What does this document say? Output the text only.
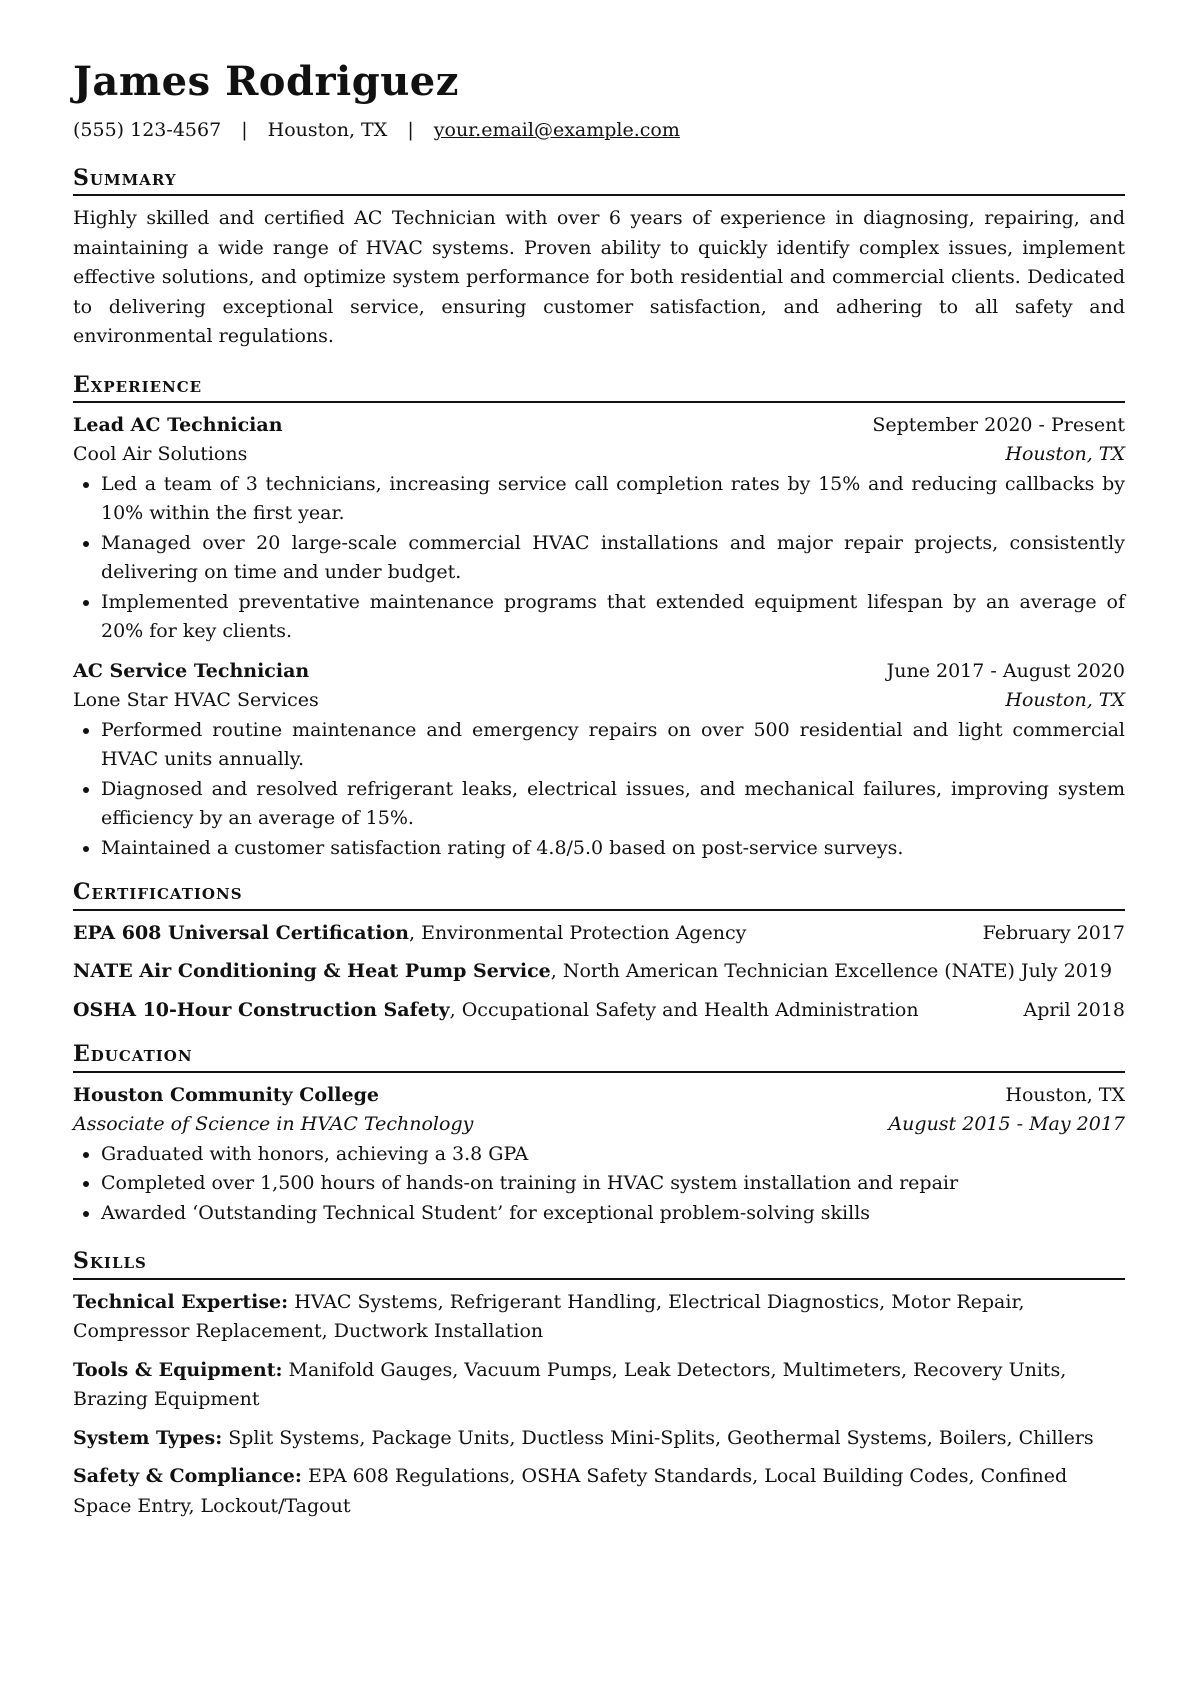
James Rodriguez
(555) 123-4567 | Houston, TX | your.email@example.com
Summary

Highly skilled and certified AC Technician with over 6 years of experience in diagnosing, repairing, and maintaining a wide range of HVAC systems. Proven ability to quickly identify complex issues, implement effective solutions, and optimize system performance for both residential and commercial clients. Dedicated to delivering exceptional service, ensuring customer satisfaction, and adhering to all safety and environmental regulations.

Experience
Lead AC Technician	September 2020 - Present
Cool Air Solutions	Houston, TX
• Led a team of 3 technicians, increasing service call completion rates by 15% and reducing callbacks by 10% within the first year.
• Managed over 20 large-scale commercial HVAC installations and major repair projects, consistently delivering on time and under budget.
• Implemented preventative maintenance programs that extended equipment lifespan by an average of 20% for key clients.
AC Service Technician	June 2017 - August 2020
Lone Star HVAC Services	Houston, TX
• Performed routine maintenance and emergency repairs on over 500 residential and light commercial HVAC units annually.
• Diagnosed and resolved refrigerant leaks, electrical issues, and mechanical failures, improving system efficiency by an average of 15%.
• Maintained a customer satisfaction rating of 4.8/5.0 based on post-service surveys.
Certifications
EPA 608 Universal Certification, Environmental Protection Agency	February 2017
NATE Air Conditioning & Heat Pump Service, North American Technician Excellence (NATE) July 2019
OSHA 10-Hour Construction Safety, Occupational Safety and Health Administration	April 2018
Education
Houston Community College	Houston, TX
Associate of Science in HVAC Technology	August 2015 - May 2017
• Graduated with honors, achieving a 3.8 GPA
• Completed over 1,500 hours of hands-on training in HVAC system installation and repair
• Awarded ‘Outstanding Technical Student’ for exceptional problem-solving skills
Skills
Technical Expertise: HVAC Systems, Refrigerant Handling, Electrical Diagnostics, Motor Repair, Compressor Replacement, Ductwork Installation
Tools & Equipment: Manifold Gauges, Vacuum Pumps, Leak Detectors, Multimeters, Recovery Units, Brazing Equipment
System Types: Split Systems, Package Units, Ductless Mini-Splits, Geothermal Systems, Boilers, Chillers
Safety & Compliance: EPA 608 Regulations, OSHA Safety Standards, Local Building Codes, Confined Space Entry, Lockout/Tagout
